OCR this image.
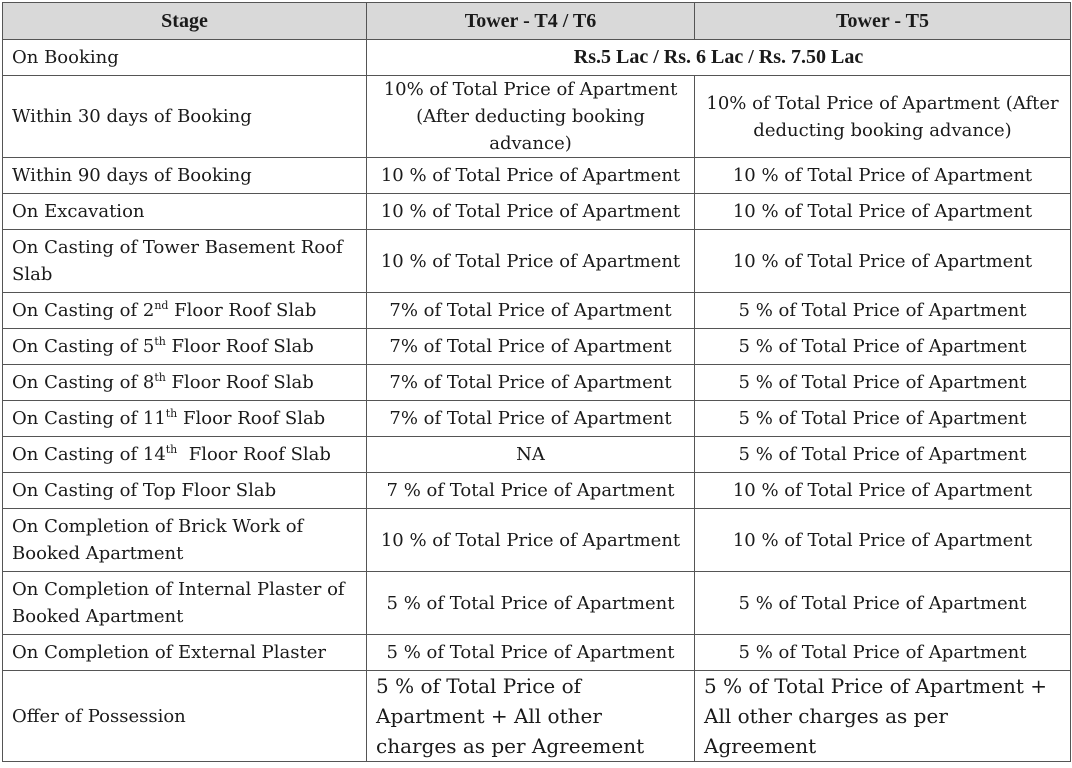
Stage	Tower - T4 / T6	Tower - T5
On Booking	Rs.5 Lac / Rs. 6 Lac / Rs. 7.50 Lac	
Within 30 days of Booking	10% of Total Price of Apartment (After deducting booking advance)	10% of Total Price of Apartment (After deducting booking advance)
Within 90 days of Booking	10 % of Total Price of Apartment	10 % of Total Price of Apartment
On Excavation	10 % of Total Price of Apartment	10 % of Total Price of Apartment
On Casting of Tower Basement Roof Slab	10 % of Total Price of Apartment	10 % of Total Price of Apartment
On Casting of 2nd Floor Roof Slab	7% of Total Price of Apartment	5 % of Total Price of Apartment
On Casting of 5th Floor Roof Slab	7% of Total Price of Apartment	5 % of Total Price of Apartment
On Casting of 8th Floor Roof Slab	7% of Total Price of Apartment	5 % of Total Price of Apartment
On Casting of 11th Floor Roof Slab	7% of Total Price of Apartment	5 % of Total Price of Apartment
On Casting of 14th  Floor Roof Slab	NA	5 % of Total Price of Apartment
On Casting of Top Floor Slab	7 % of Total Price of Apartment	10 % of Total Price of Apartment
On Completion of Brick Work of Booked Apartment	10 % of Total Price of Apartment	10 % of Total Price of Apartment
On Completion of Internal Plaster of Booked Apartment	5 % of Total Price of Apartment	5 % of Total Price of Apartment
On Completion of External Plaster	5 % of Total Price of Apartment	5 % of Total Price of Apartment
Offer of Possession	5 % of Total Price of Apartment + All other charges as per Agreement	5 % of Total Price of Apartment + All other charges as per Agreement
